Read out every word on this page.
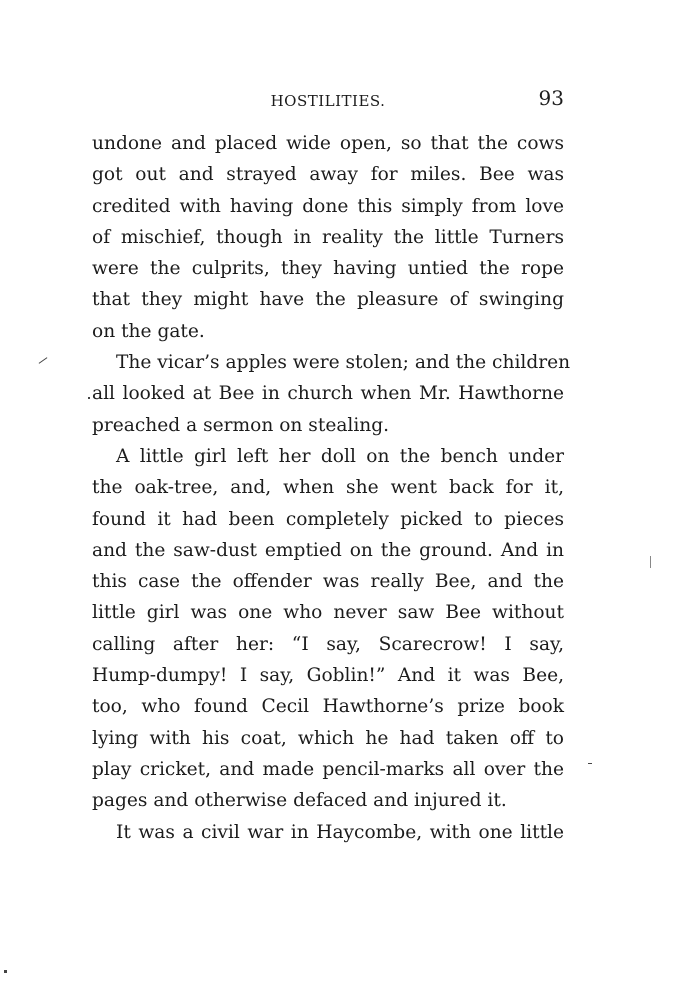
HOSTILITIES.	93
undone and placed wide open, so that the cows
got out and strayed away for miles. Bee was
credited with having done this simply from love
of mischief, though in reality the little Turners
were the culprits, they having untied the rope
that they might have the pleasure of swinging
on the gate.
The vicar’s apples were stolen; and the children
all looked at Bee in church when Mr. Hawthorne
preached a sermon on stealing.
A little girl left her doll on the bench under
the oak-tree, and, when she went back for it,
found it had been completely picked to pieces
and the saw-dust emptied on the ground. And in
this case the offender was really Bee, and the
little girl was one who never saw Bee without
calling after her: “I say, Scarecrow! I say,
Hump-dumpy! I say, Goblin!” And it was Bee,
too, who found Cecil Hawthorne’s prize book
lying with his coat, which he had taken off to
play cricket, and made pencil-marks all over the
pages and otherwise defaced and injured it.
It was a civil war in Haycombe, with one little
